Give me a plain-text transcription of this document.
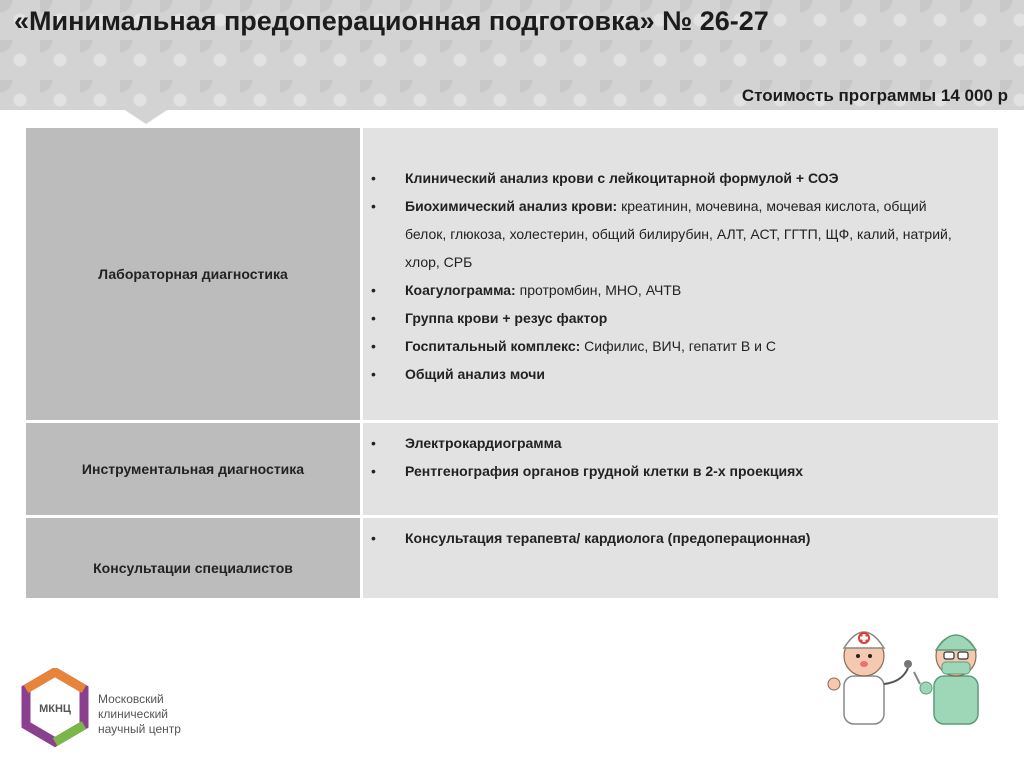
«Минимальная предоперационная подготовка» № 26-27
Стоимость программы 14 000 р
Лабораторная диагностика
• Клинический анализ крови с лейкоцитарной формулой + СОЭ
• Биохимический анализ крови: креатинин, мочевина, мочевая кислота, общий белок, глюкоза, холестерин, общий билирубин, АЛТ, АСТ, ГГТП, ЩФ, калий, натрий, хлор, СРБ
• Коагулограмма: протромбин, МНО, АЧТВ
• Группа крови + резус фактор
• Госпитальный комплекс: Сифилис, ВИЧ, гепатит В и С
• Общий анализ мочи
Инструментальная диагностика
• Электрокардиограмма
• Рентгенография органов грудной клетки в 2-х проекциях
Консультации специалистов
• Консультация терапевта/ кардиолога (предоперационная)
МКНЦ
Московский
клинический
научный центр
